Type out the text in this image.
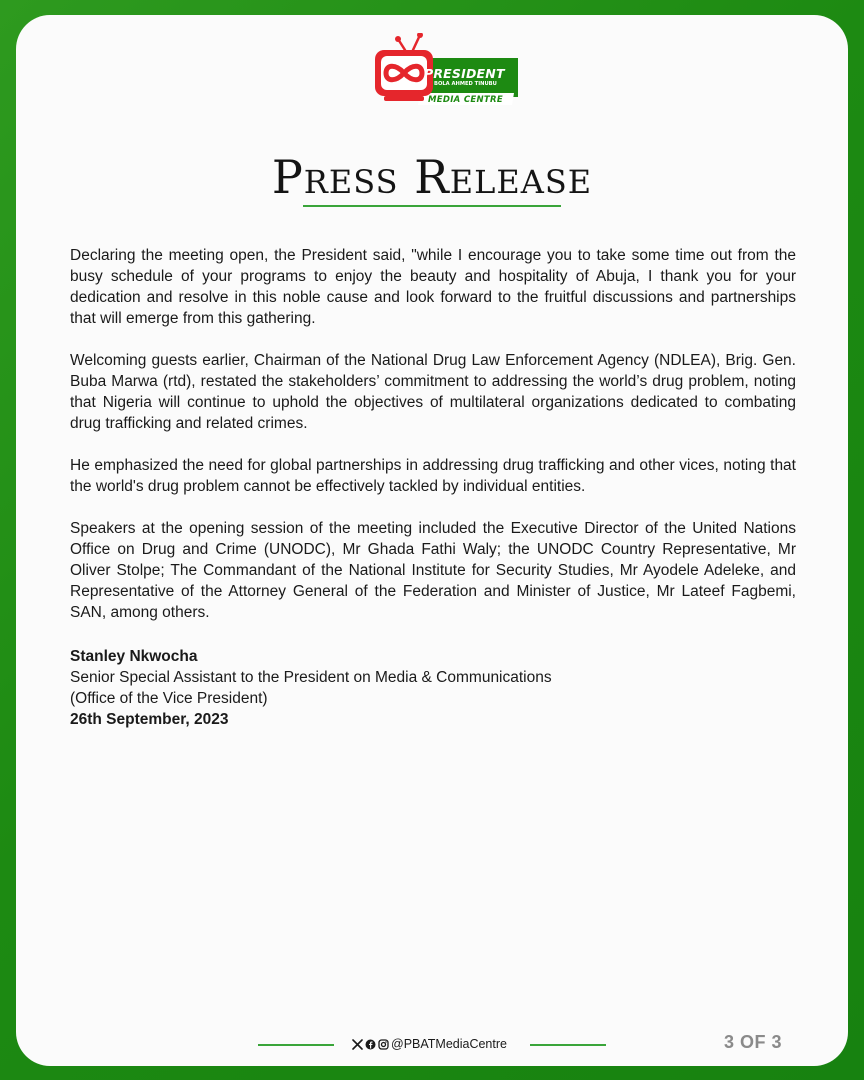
PRESIDENT
BOLA AHMED TINUBU
MEDIA CENTRE
Press Release

Declaring the meeting open, the President said, "while I encourage you to take some time out from the busy schedule of your programs to enjoy the beauty and hospitality of Abuja, I thank you for your dedication and resolve in this noble cause and look forward to the fruitful discussions and partnerships that will emerge from this gathering.

Welcoming guests earlier, Chairman of the National Drug Law Enforcement Agency (NDLEA), Brig. Gen. Buba Marwa (rtd), restated the stakeholders’ commitment to addressing the world’s drug problem, noting that Nigeria will continue to uphold the objectives of multilateral organizations dedicated to combating drug trafficking and related crimes.

He emphasized the need for global partnerships in addressing drug trafficking and other vices, noting that the world's drug problem cannot be effectively tackled by individual entities.

Speakers at the opening session of the meeting included the Executive Director of the United Nations Office on Drug and Crime (UNODC), Mr Ghada Fathi Waly; the UNODC Country Representative, Mr Oliver Stolpe; The Commandant of the National Institute for Security Studies, Mr Ayodele Adeleke, and Representative of the Attorney General of the Federation and Minister of Justice, Mr Lateef Fagbemi, SAN, among others.

Stanley Nkwocha
Senior Special Assistant to the President on Media & Communications
(Office of the Vice President)
26th September, 2023
@PBATMediaCentre	3 OF 3
